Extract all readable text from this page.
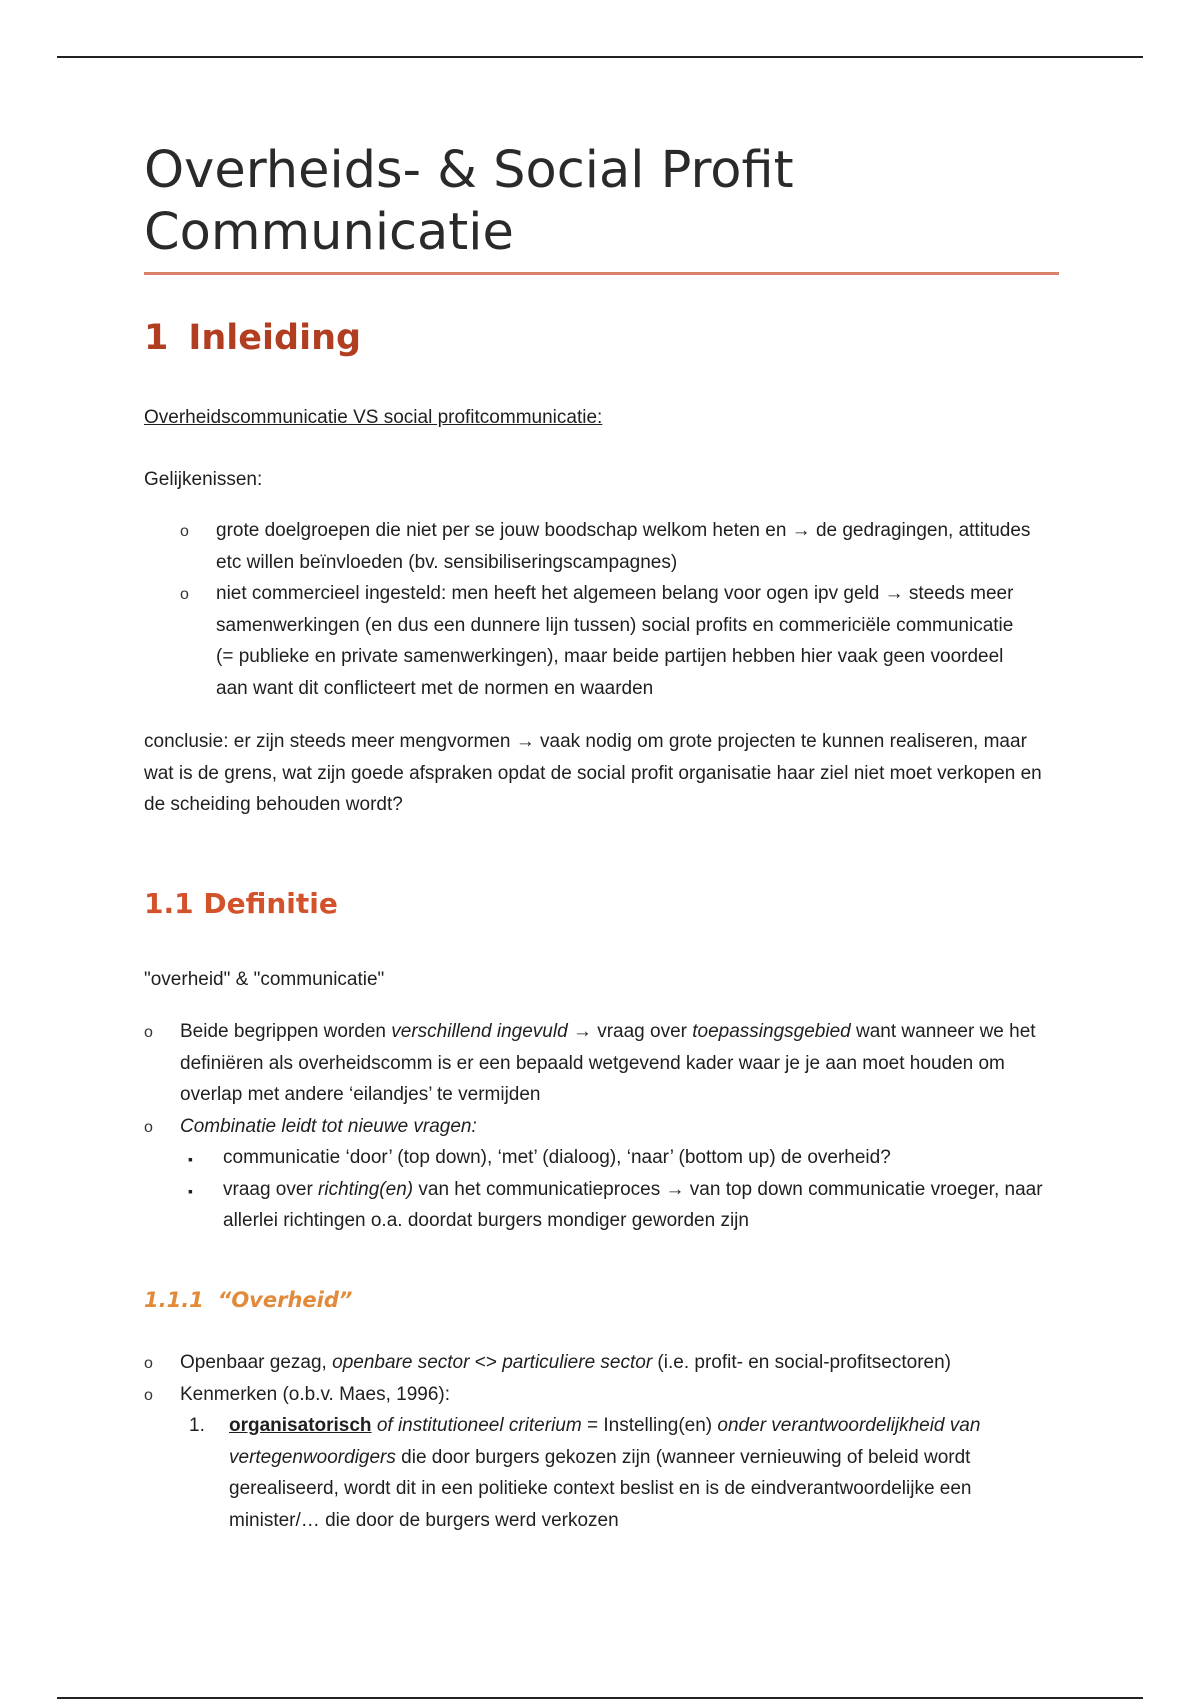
Overheids- & Social Profit Communicatie
1 Inleiding

Overheidscommunicatie VS social profitcommunicatie:

Gelijkenissen:

o grote doelgroepen die niet per se jouw boodschap welkom heten en → de gedragingen, attitudes etc willen beïnvloeden (bv. sensibiliseringscampagnes)
o niet commercieel ingesteld: men heeft het algemeen belang voor ogen ipv geld → steeds meer samenwerkingen (en dus een dunnere lijn tussen) social profits en commericiële communicatie (= publieke en private samenwerkingen), maar beide partijen hebben hier vaak geen voordeel aan want dit conflicteert met de normen en waarden

conclusie: er zijn steeds meer mengvormen → vaak nodig om grote projecten te kunnen realiseren, maar wat is de grens, wat zijn goede afspraken opdat de social profit organisatie haar ziel niet moet verkopen en de scheiding behouden wordt?

1.1 Definitie

"overheid" & "communicatie"

o Beide begrippen worden verschillend ingevuld → vraag over toepassingsgebied want wanneer we het definiëren als overheidscomm is er een bepaald wetgevend kader waar je je aan moet houden om overlap met andere ‘eilandjes’ te vermijden
o Combinatie leidt tot nieuwe vragen:
▪ communicatie ‘door’ (top down), ‘met’ (dialoog), ‘naar’ (bottom up) de overheid?
▪ vraag over richting(en) van het communicatieproces → van top down communicatie vroeger, naar allerlei richtingen o.a. doordat burgers mondiger geworden zijn
1.1.1 “Overheid”
o Openbaar gezag, openbare sector <> particuliere sector (i.e. profit- en social-profitsectoren)
o Kenmerken (o.b.v. Maes, 1996):
1. organisatorisch of institutioneel criterium = Instelling(en) onder verantwoordelijkheid van vertegenwoordigers die door burgers gekozen zijn (wanneer vernieuwing of beleid wordt gerealiseerd, wordt dit in een politieke context beslist en is de eindverantwoordelijke een minister/… die door de burgers werd verkozen
